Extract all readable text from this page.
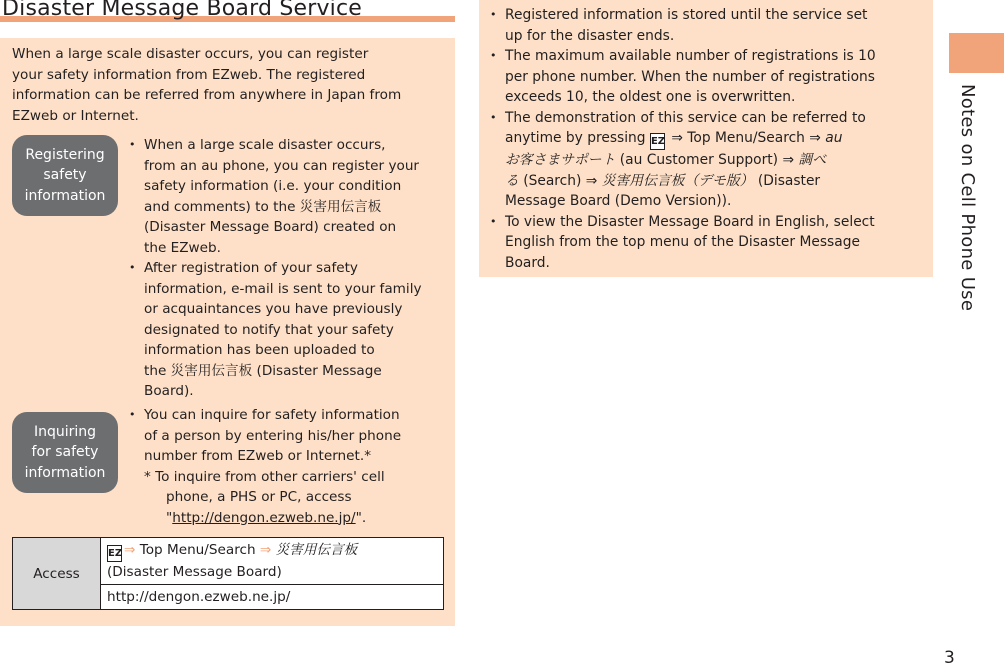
Disaster Message Board Service
When a large scale disaster occurs, you can register
your safety information from EZweb. The registered
information can be referred from anywhere in Japan from
EZweb or Internet.
Registering
safety
information
• When a large scale disaster occurs,
from an au phone, you can register your
safety information (i.e. your condition
and comments) to the 災害用伝言板
(Disaster Message Board) created on
the EZweb.
• After registration of your safety
information, e-mail is sent to your family
or acquaintances you have previously
designated to notify that your safety
information has been uploaded to
the 災害用伝言板 (Disaster Message
Board).
Inquiring
for safety
information
• You can inquire for safety information
of a person by entering his/her phone
number from EZweb or Internet.*
* To inquire from other carriers' cell
phone, a PHS or PC, access
"http://dengon.ezweb.ne.jp/".
Access	EZ ⇒ Top Menu/Search ⇒ 災害用伝言板
(Disaster Message Board)
http://dengon.ezweb.ne.jp/
• Registered information is stored until the service set
up for the disaster ends.
• The maximum available number of registrations is 10
per phone number. When the number of registrations
exceeds 10, the oldest one is overwritten.
• The demonstration of this service can be referred to
anytime by pressing EZ ⇒ Top Menu/Search ⇒ au
お客さまサポート (au Customer Support) ⇒ 調べ
る (Search) ⇒ 災害用伝言板（デモ版） (Disaster
Message Board (Demo Version)).
• To view the Disaster Message Board in English, select
English from the top menu of the Disaster Message
Board.	Notes on Cell Phone Use
3
